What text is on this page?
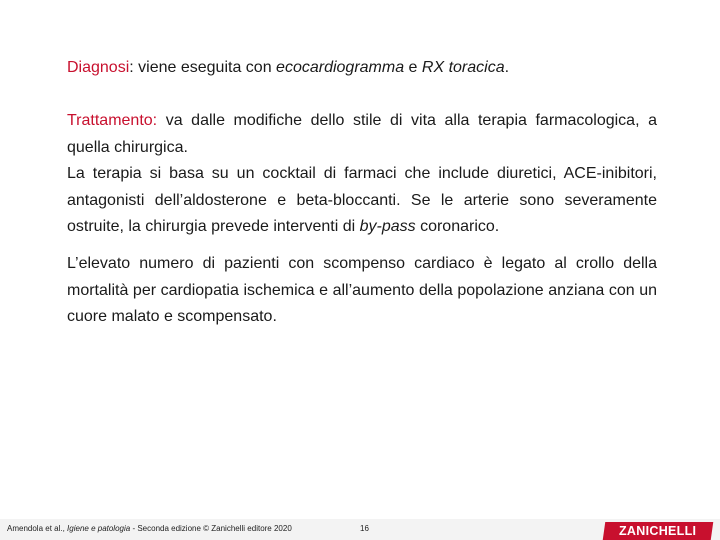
Diagnosi: viene eseguita con ecocardiogramma e RX toracica.
Trattamento: va dalle modifiche dello stile di vita alla terapia farmacologica, a quella chirurgica.
La terapia si basa su un cocktail di farmaci che include diuretici, ACE-inibitori, antagonisti dell’aldosterone e beta-bloccanti. Se le arterie sono severamente ostruite, la chirurgia prevede interventi di by-pass coronarico.
L’elevato numero di pazienti con scompenso cardiaco è legato al crollo della mortalità per cardiopatia ischemica e all’aumento della popolazione anziana con un cuore malato e scompensato.
Amendola et al., Igiene e patologia - Seconda edizione © Zanichelli editore 2020	16	ZANICHELLI
